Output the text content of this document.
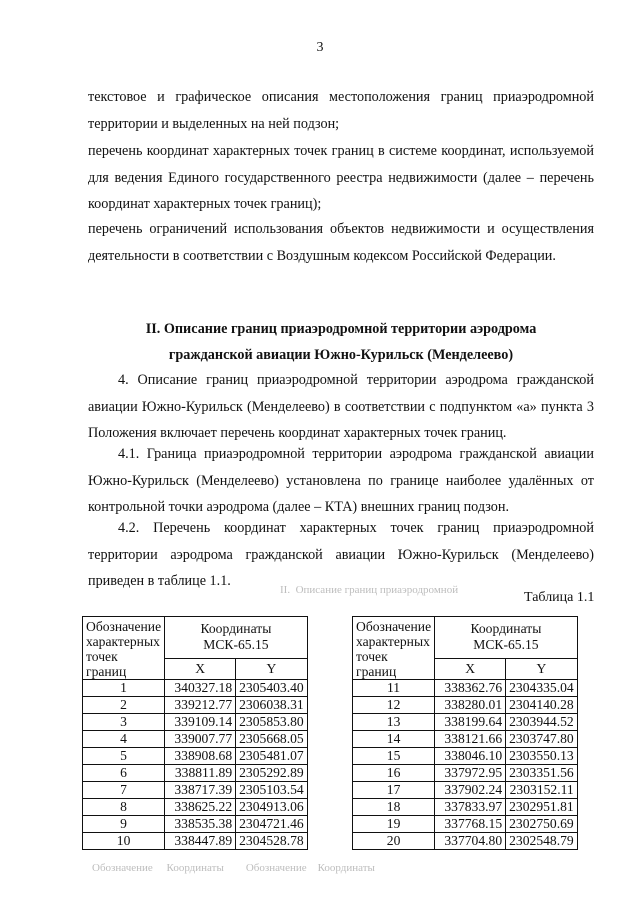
3

текстовое и графическое описания местоположения границ приаэродромной территории и выделенных на ней подзон;

перечень координат характерных точек границ в системе координат, используемой для ведения Единого государственного реестра недвижимости (далее – перечень координат характерных точек границ);

перечень ограничений использования объектов недвижимости и осуществления деятельности в соответствии с Воздушным кодексом Российской Федерации.

II. Описание границ приаэродромной территории аэродрома

гражданской авиации Южно-Курильск (Менделеево)

4. Описание границ приаэродромной территории аэродрома гражданской авиации Южно-Курильск (Менделеево) в соответствии с подпунктом «а» пункта 3 Положения включает перечень координат характерных точек границ.

4.1. Граница приаэродромной территории аэродрома гражданской авиации Южно-Курильск (Менделеево) установлена по границе наиболее удалённых от контрольной точки аэродрома (далее – КТА) внешних границ подзон.

4.2. Перечень координат характерных точек границ приаэродромной территории аэродрома гражданской авиации Южно-Курильск (Менделеево) приведен в таблице 1.1.

Таблица 1.1
II.  Описание границ приаэродромной
Обозначение     Координаты        Обозначение    Координаты
Обозначение характерных точек границ	Координаты МСК-65.15	
	X	Y
1	340327.18	2305403.40
2	339212.77	2306038.31
3	339109.14	2305853.80
4	339007.77	2305668.05
5	338908.68	2305481.07
6	338811.89	2305292.89
7	338717.39	2305103.54
8	338625.22	2304913.06
9	338535.38	2304721.46
10	338447.89	2304528.78
Обозначение характерных точек границ	Координаты МСК-65.15	
	X	Y
11	338362.76	2304335.04
12	338280.01	2304140.28
13	338199.64	2303944.52
14	338121.66	2303747.80
15	338046.10	2303550.13
16	337972.95	2303351.56
17	337902.24	2303152.11
18	337833.97	2302951.81
19	337768.15	2302750.69
20	337704.80	2302548.79
